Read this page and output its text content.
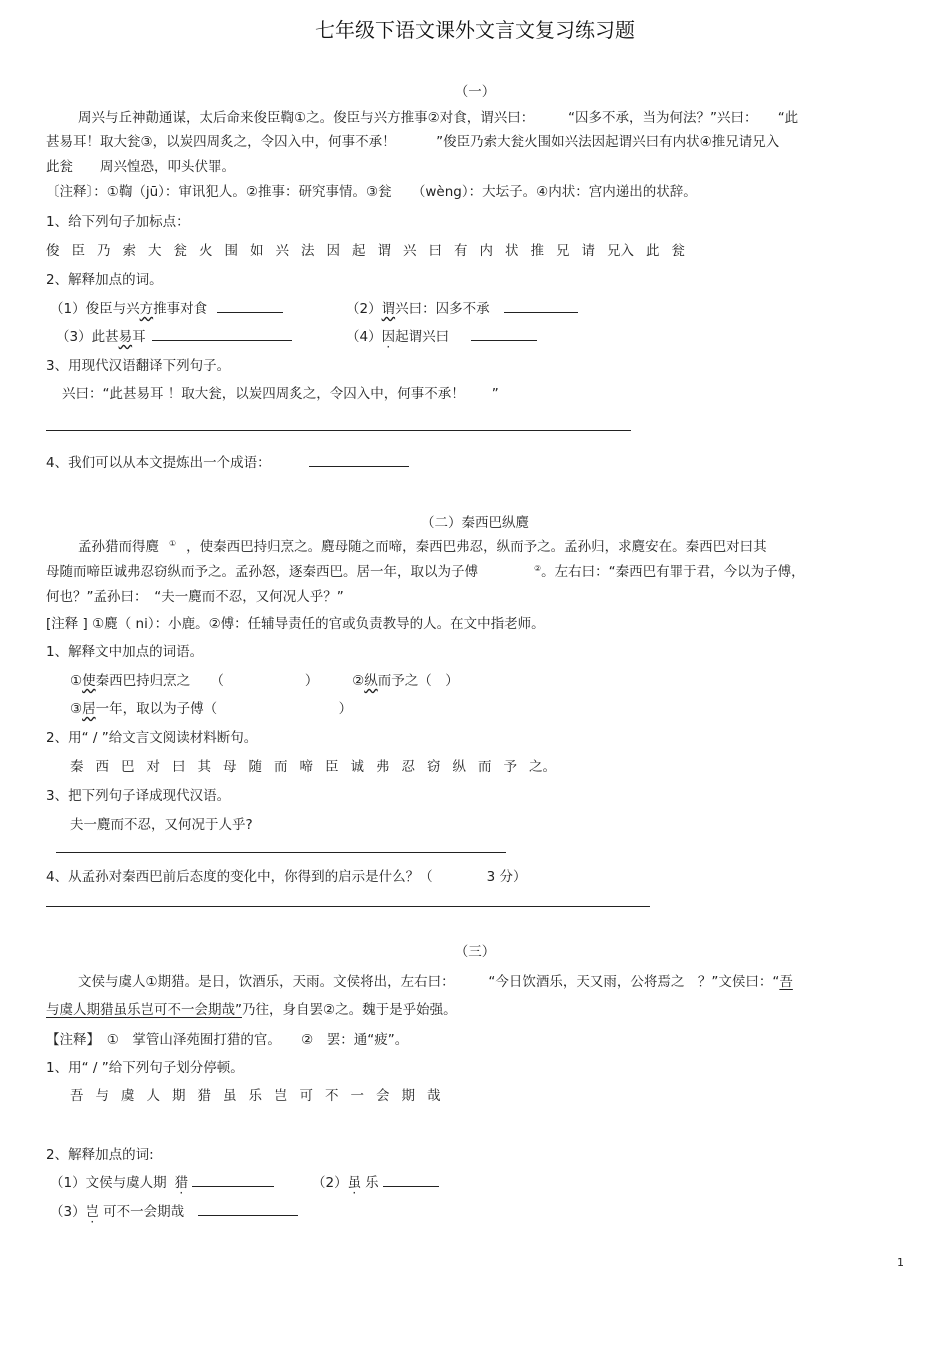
七年级下语文课外文言文复习练习题
（一）
周兴与丘神勣通谋，太后命来俊臣鞫①之。俊臣与兴方推事②对食，谓兴曰：　　　“囚多不承，当为何法？”兴曰：　　“此
甚易耳！取大瓮③，以炭四周炙之，令囚入中，何事不承！　　　”俊臣乃索大瓮火围如兴法因起谓兴曰有内状④推兄请兄入
此瓮　　周兴惶恐，叩头伏罪。
〔注释〕：①鞫（jū）：审讯犯人。②推事：研究事情。③瓮　　（wèng）：大坛子。④内状：宫内递出的状辞。
1、给下列句子加标点：
俊 臣 乃 索 大 瓮 火 围 如 兴 法 因 起 谓 兴 曰 有 内 状 推 兄 请 兄入 此 瓮
2、解释加点的词。
（1）俊臣与兴方推事对食	（2）谓兴曰：囚多不承
（3）此甚易耳	（4）因起谓兴曰
3、用现代汉语翻译下列句子。
兴曰：“此甚易耳 ！取大瓮，以炭四周炙之，令囚入中，何事不承！　　”
4、我们可以从本文提炼出一个成语：
（二）秦西巴纵麑
孟孙猎而得麑 ① ，使秦西巴持归烹之。麑母随之而啼，秦西巴弗忍，纵而予之。孟孙归，求麑安在。秦西巴对曰其
母随而啼臣诚弗忍窃纵而予之。孟孙怒，逐秦西巴。居一年，取以为子傅	②。左右曰：“秦西巴有罪于君，今以为子傅，
何也？”孟孙曰：　“夫一麑而不忍，又何况人乎？”
[注释 ] ①麑（ ni）：小鹿。②傅：任辅导责任的官或负责教导的人。在文中指老师。
1、解释文中加点的词语。
①使秦西巴持归烹之　　（　　　　　　）　　　②纵而予之（　）
③居一年，取以为子傅（　　　　　　　　　）
2、用“ / ”给文言文阅读材料断句。
秦 西 巴 对 曰 其 母 随 而 啼 臣 诚 弗 忍 窃 纵 而 予 之。
3、把下列句子译成现代汉语。
夫一麑而不忍，又何况于人乎?
4、从孟孙对秦西巴前后态度的变化中，你得到的启示是什么？（　　　　3 分）
（三）
文侯与虞人①期猎。是日，饮酒乐，天雨。文侯将出，左右曰：　　　“今日饮酒乐，天又雨，公将焉之　？”文侯曰：“吾
与虞人期猎虽乐岂可不一会期哉”乃往，身自罢②之。魏于是乎始强。
【注释】　①　掌管山泽苑囿打猎的官。　　②　罢：通“疲”。
1、用“ / ”给下列句子划分停顿。
吾 与 虞 人 期 猎 虽 乐 岂 可 不 一 会 期 哉
2、解释加点的词:
（1）文侯与虞人期 猎	（2）虽 乐
（3）岂 可不一会期哉
1
